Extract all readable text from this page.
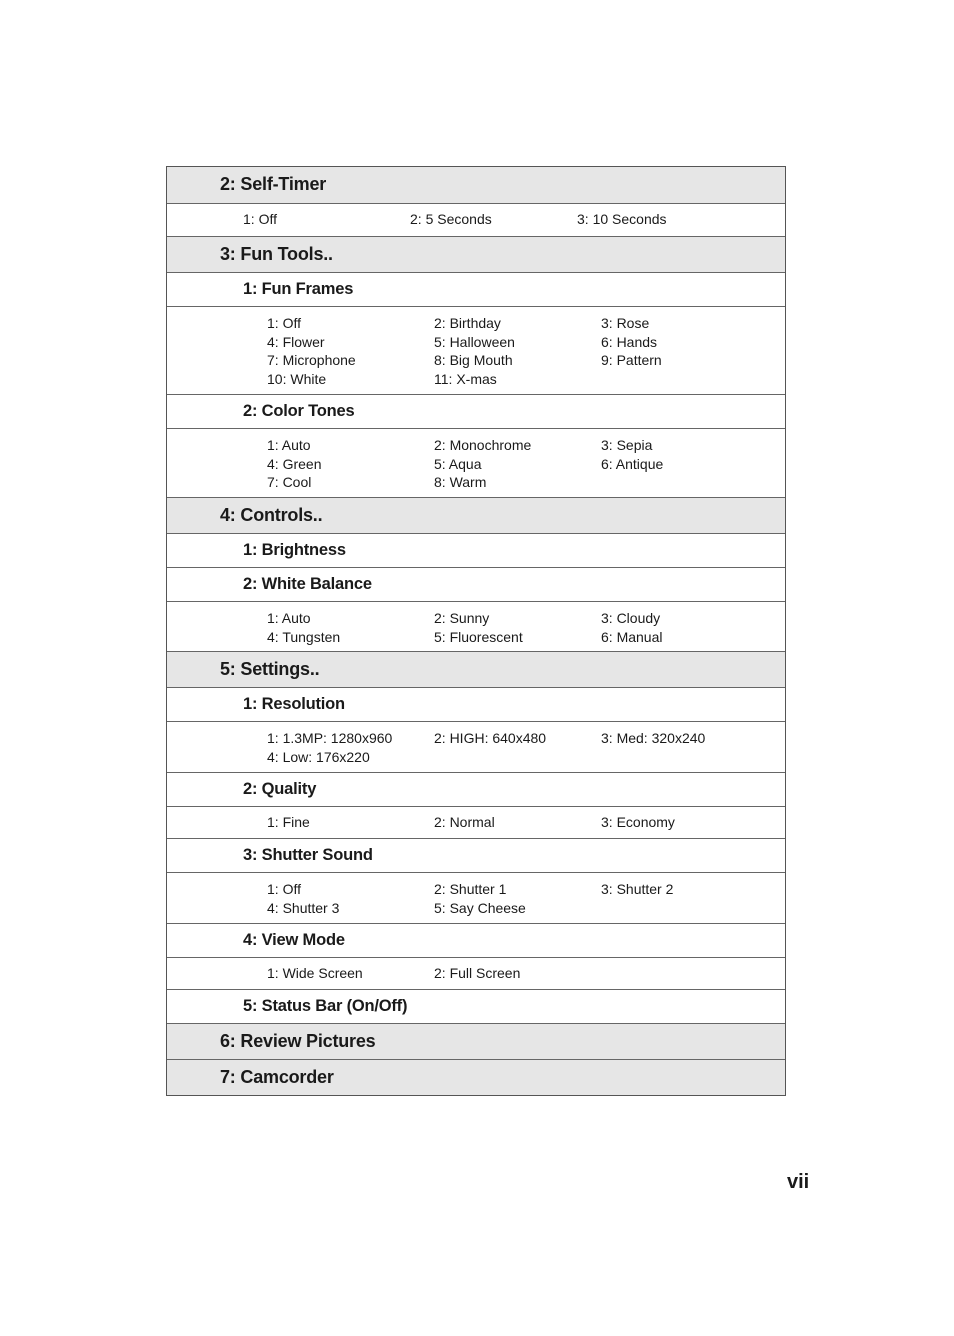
2: Self-Timer
1: Off	2: 5 Seconds	3: 10 Seconds
3: Fun Tools..
1: Fun Frames
1: Off	2: Birthday	3: Rose
4: Flower	5: Halloween	6: Hands
7: Microphone	8: Big Mouth	9: Pattern
10: White	11: X-mas
2: Color Tones
1: Auto	2: Monochrome	3: Sepia
4: Green	5: Aqua	6: Antique
7: Cool	8: Warm
4: Controls..
1: Brightness
2: White Balance
1: Auto	2: Sunny	3: Cloudy
4: Tungsten	5: Fluorescent	6: Manual
5: Settings..
1: Resolution
1: 1.3MP: 1280x960	2: HIGH: 640x480	3: Med: 320x240
4: Low: 176x220
2: Quality
1: Fine	2: Normal	3: Economy
3: Shutter Sound
1: Off	2: Shutter 1	3: Shutter 2
4: Shutter 3	5: Say Cheese
4: View Mode
1: Wide Screen	2: Full Screen
5: Status Bar (On/Off)
6: Review Pictures
7: Camcorder
vii
